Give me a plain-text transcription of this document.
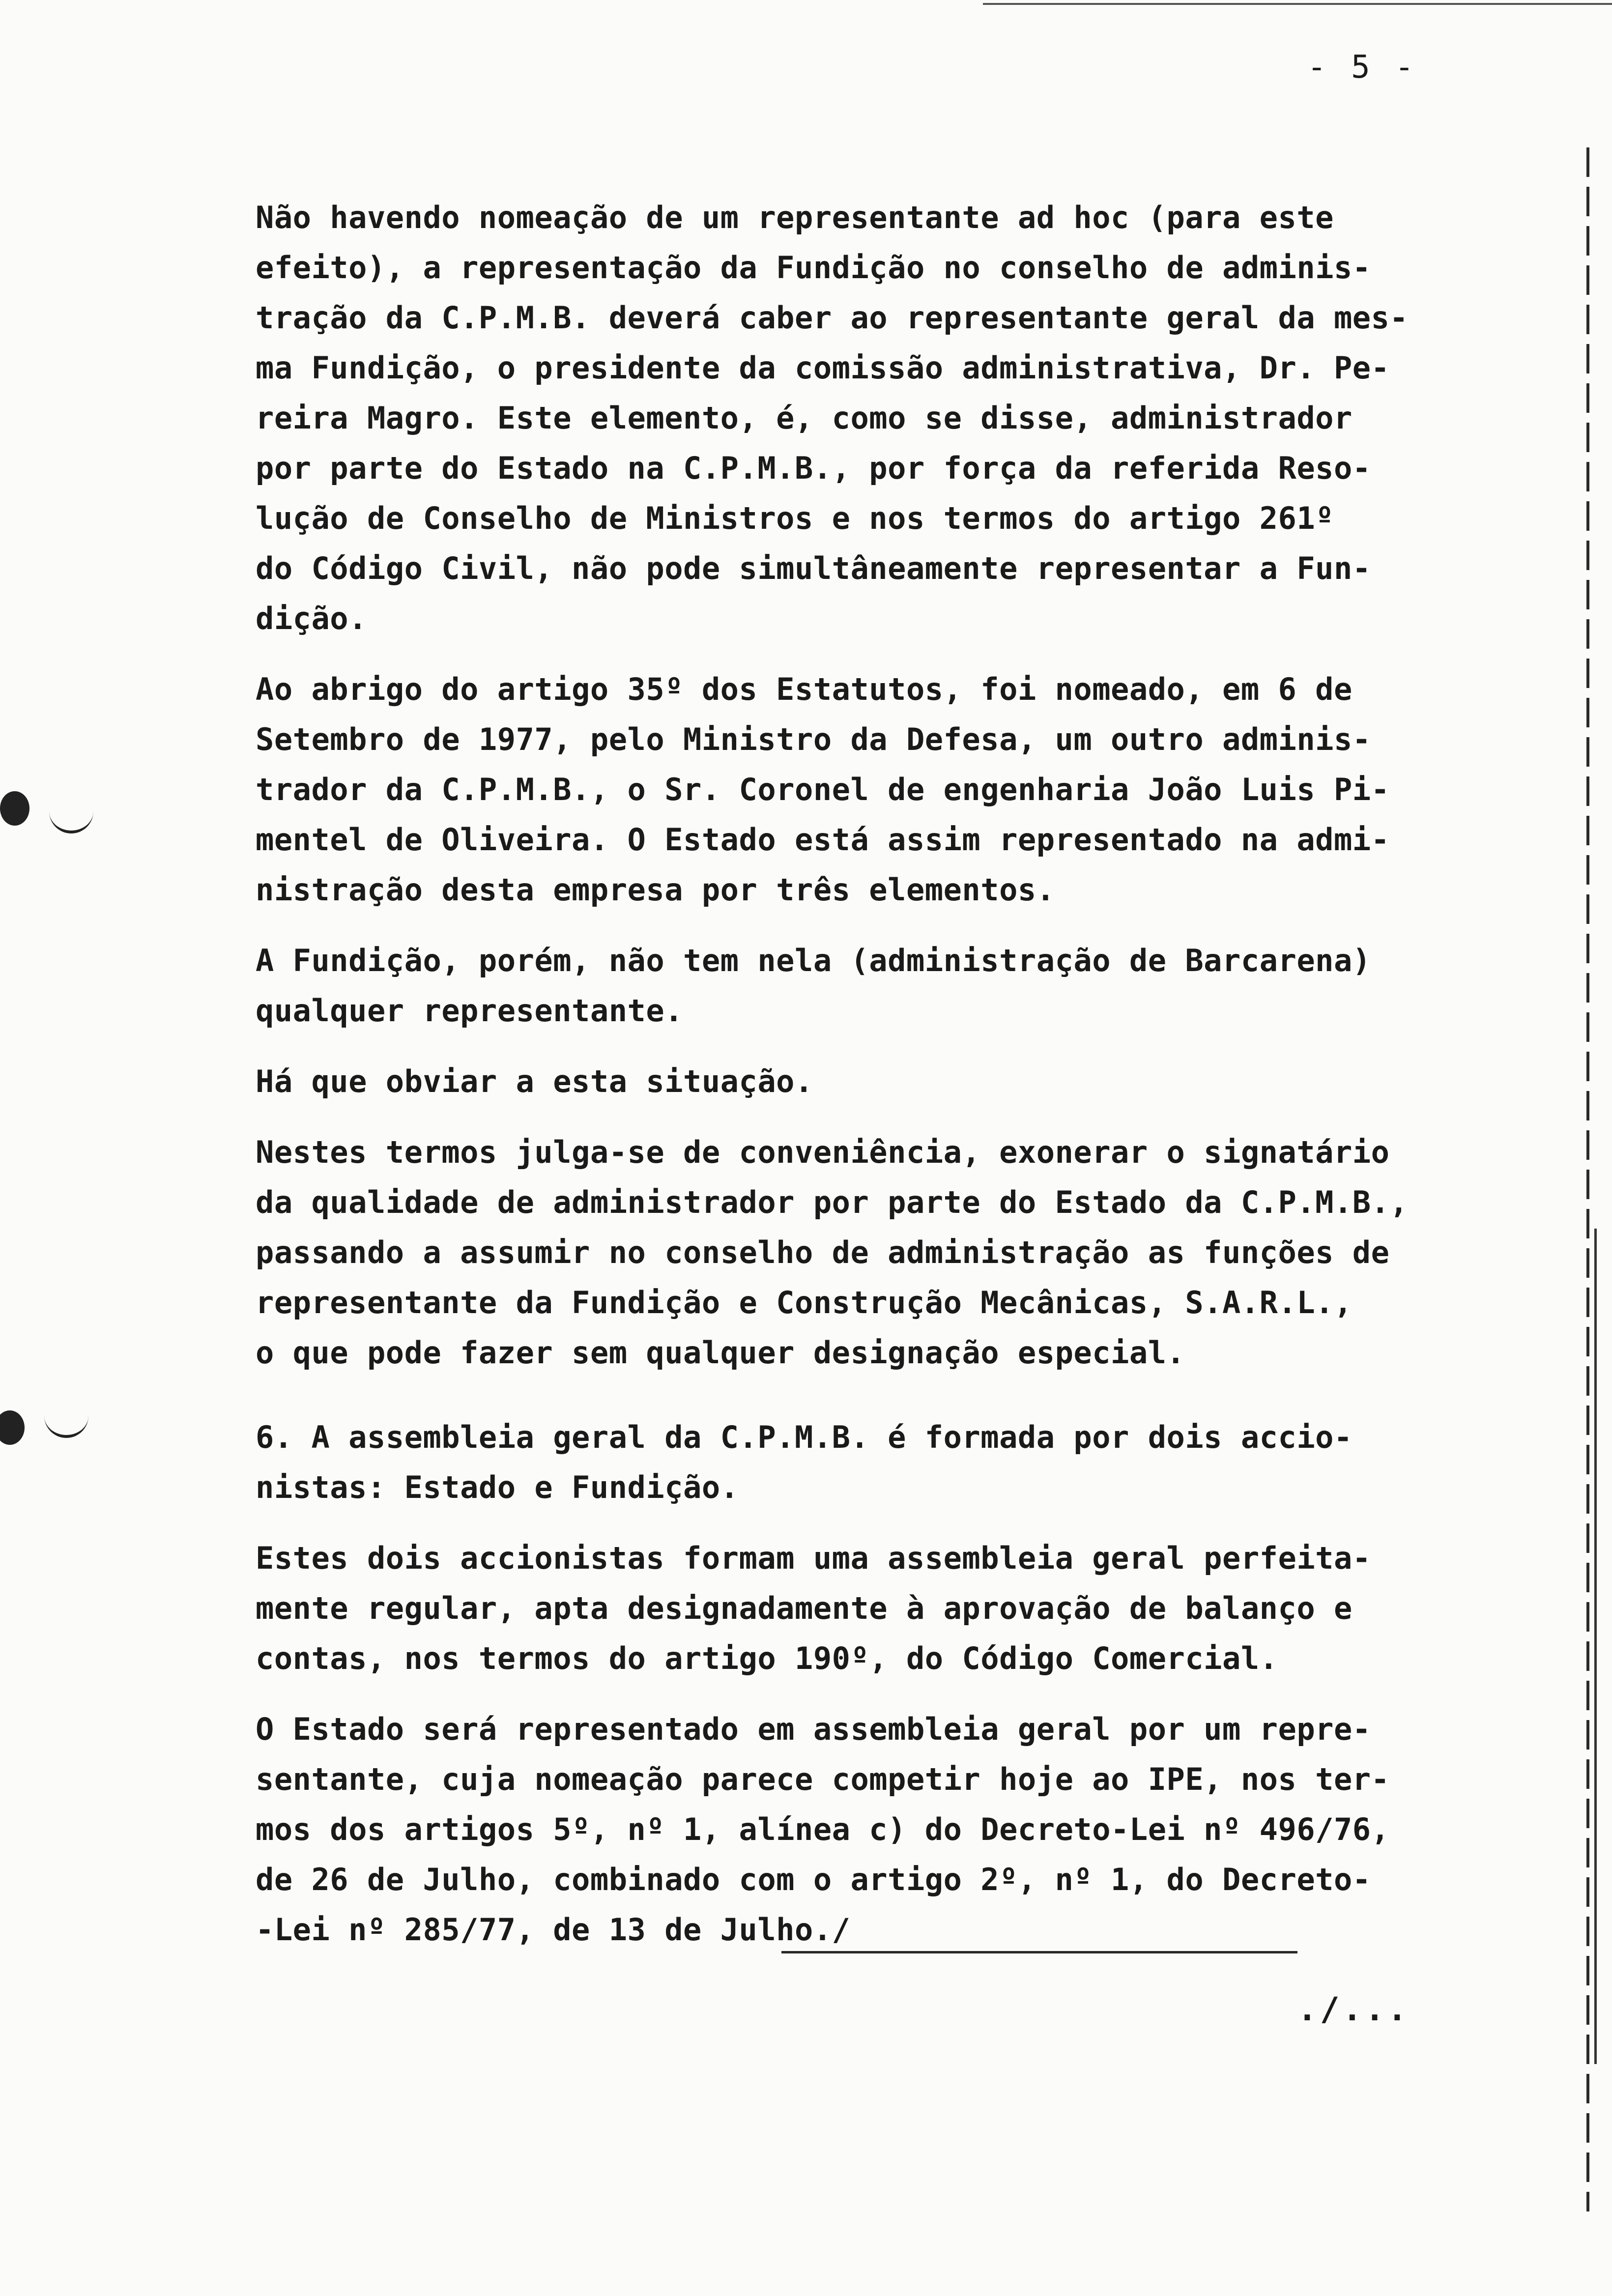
- 5 -

Não havendo nomeação de um representante ad hoc (para este
efeito), a representação da Fundição no conselho de adminis-
tração da C.P.M.B. deverá caber ao representante geral da mes-
ma Fundição, o presidente da comissão administrativa, Dr. Pe-
reira Magro. Este elemento, é, como se disse, administrador
por parte do Estado na C.P.M.B., por força da referida Reso-
lução de Conselho de Ministros e nos termos do artigo 261º
do Código Civil, não pode simultâneamente representar a Fun-
dição.

Ao abrigo do artigo 35º dos Estatutos, foi nomeado, em 6 de
Setembro de 1977, pelo Ministro da Defesa, um outro adminis-
trador da C.P.M.B., o Sr. Coronel de engenharia João Luis Pi-
mentel de Oliveira. O Estado está assim representado na admi-
nistração desta empresa por três elementos.

A Fundição, porém, não tem nela (administração de Barcarena)
qualquer representante.

Há que obviar a esta situação.

Nestes termos julga-se de conveniência, exonerar o signatário
da qualidade de administrador por parte do Estado da C.P.M.B.,
passando a assumir no conselho de administração as funções de
representante da Fundição e Construção Mecânicas, S.A.R.L.,
o que pode fazer sem qualquer designação especial.

6. A assembleia geral da C.P.M.B. é formada por dois accio-
nistas: Estado e Fundição.

Estes dois accionistas formam uma assembleia geral perfeita-
mente regular, apta designadamente à aprovação de balanço e
contas, nos termos do artigo 190º, do Código Comercial.

O Estado será representado em assembleia geral por um repre-
sentante, cuja nomeação parece competir hoje ao IPE, nos ter-
mos dos artigos 5º, nº 1, alínea c) do Decreto-Lei nº 496/76,
de 26 de Julho, combinado com o artigo 2º, nº 1, do Decreto-
-Lei nº 285/77, de 13 de Julho./

./...
